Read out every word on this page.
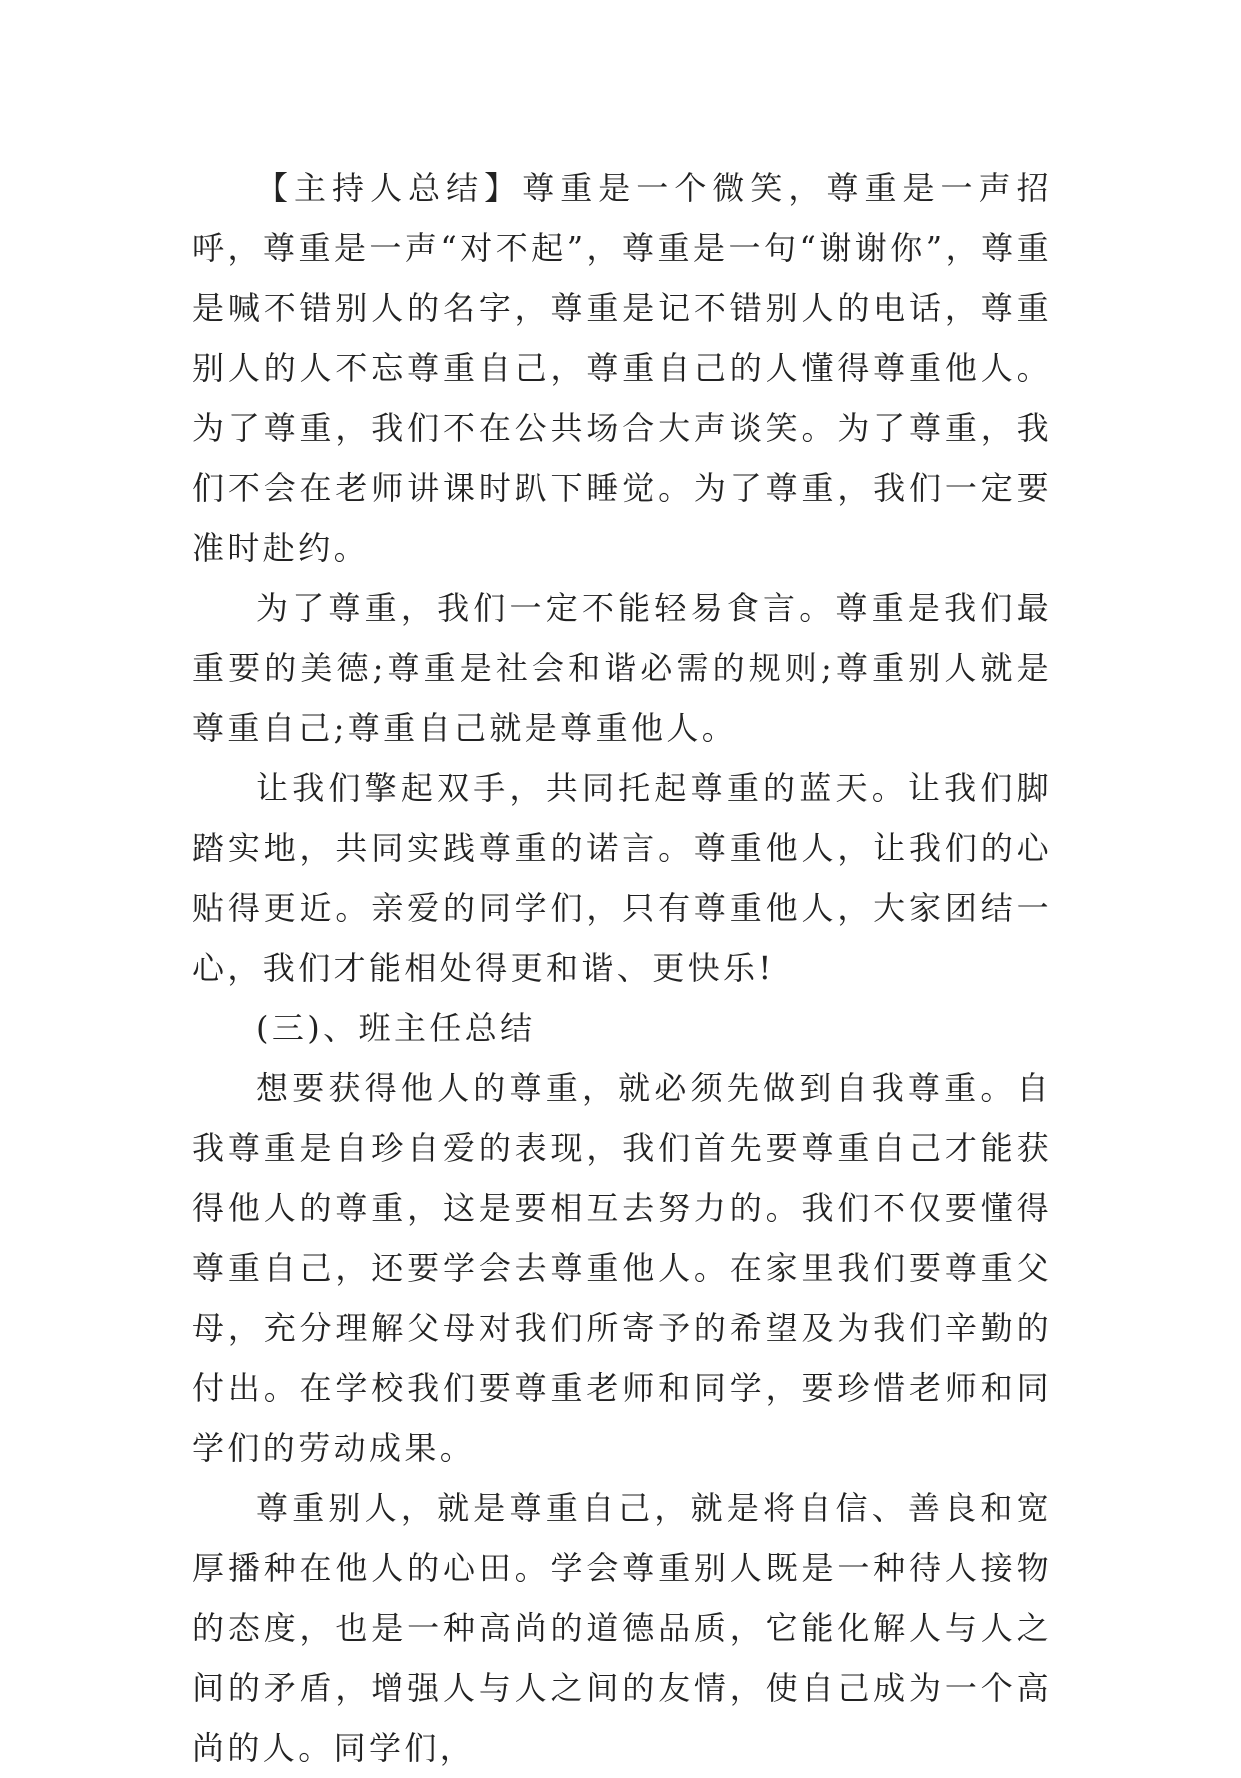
【主持人总结】尊重是一个微笑，尊重是一声招呼，尊重是一声“对不起”，尊重是一句“谢谢你”，尊重是喊不错别人的名字，尊重是记不错别人的电话，尊重别人的人不忘尊重自己，尊重自己的人懂得尊重他人。为了尊重，我们不在公共场合大声谈笑。为了尊重，我们不会在老师讲课时趴下睡觉。为了尊重，我们一定要准时赴约。

为了尊重，我们一定不能轻易食言。尊重是我们最重要的美德;尊重是社会和谐必需的规则;尊重别人就是尊重自己;尊重自己就是尊重他人。

让我们擎起双手，共同托起尊重的蓝天。让我们脚踏实地，共同实践尊重的诺言。尊重他人，让我们的心贴得更近。亲爱的同学们，只有尊重他人，大家团结一心，我们才能相处得更和谐、更快乐!

(三)、班主任总结

想要获得他人的尊重，就必须先做到自我尊重。自我尊重是自珍自爱的表现，我们首先要尊重自己才能获得他人的尊重，这是要相互去努力的。我们不仅要懂得尊重自己，还要学会去尊重他人。在家里我们要尊重父母，充分理解父母对我们所寄予的希望及为我们辛勤的付出。在学校我们要尊重老师和同学，要珍惜老师和同学们的劳动成果。

尊重别人，就是尊重自己，就是将自信、善良和宽厚播种在他人的心田。学会尊重别人既是一种待人接物的态度，也是一种高尚的道德品质，它能化解人与人之间的矛盾，增强人与人之间的友情，使自己成为一个高尚的人。同学们，
